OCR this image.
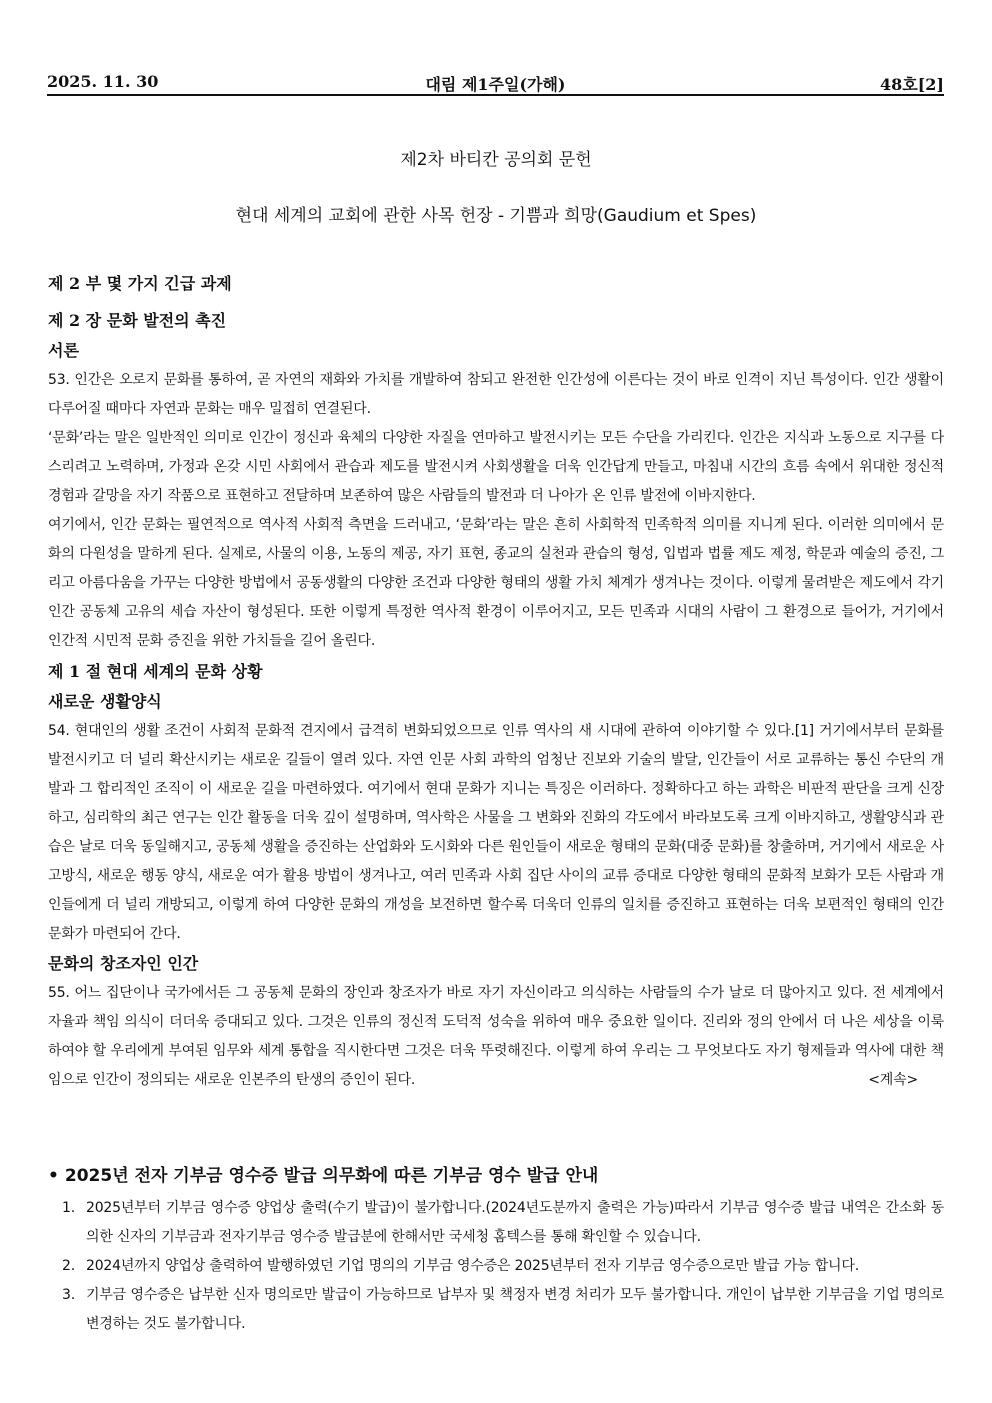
2025. 11. 30	대림 제1주일(가해)	48호[2]
제2차 바티칸 공의회 문헌
현대 세계의 교회에 관한 사목 헌장 - 기쁨과 희망(Gaudium et Spes)
제 2 부 몇 가지 긴급 과제
제 2 장 문화 발전의 촉진
서론

53. 인간은 오로지 문화를 통하여, 곧 자연의 재화와 가치를 개발하여 참되고 완전한 인간성에 이른다는 것이 바로 인격이 지닌 특성이다. 인간 생활이 다루어질 때마다 자연과 문화는 매우 밀접히 연결된다.

‘문화’라는 말은 일반적인 의미로 인간이 정신과 육체의 다양한 자질을 연마하고 발전시키는 모든 수단을 가리킨다. 인간은 지식과 노동으로 지구를 다스리려고 노력하며, 가정과 온갖 시민 사회에서 관습과 제도를 발전시켜 사회생활을 더욱 인간답게 만들고, 마침내 시간의 흐름 속에서 위대한 정신적 경험과 갈망을 자기 작품으로 표현하고 전달하며 보존하여 많은 사람들의 발전과 더 나아가 온 인류 발전에 이바지한다.

여기에서, 인간 문화는 필연적으로 역사적 사회적 측면을 드러내고, ‘문화’라는 말은 흔히 사회학적 민족학적 의미를 지니게 된다. 이러한 의미에서 문화의 다원성을 말하게 된다. 실제로, 사물의 이용, 노동의 제공, 자기 표현, 종교의 실천과 관습의 형성, 입법과 법률 제도 제정, 학문과 예술의 증진, 그리고 아름다움을 가꾸는 다양한 방법에서 공동생활의 다양한 조건과 다양한 형태의 생활 가치 체계가 생겨나는 것이다. 이렇게 물려받은 제도에서 각기 인간 공동체 고유의 세습 자산이 형성된다. 또한 이렇게 특정한 역사적 환경이 이루어지고, 모든 민족과 시대의 사람이 그 환경으로 들어가, 거기에서 인간적 시민적 문화 증진을 위한 가치들을 길어 올린다.

제 1 절 현대 세계의 문화 상황
새로운 생활양식

54. 현대인의 생활 조건이 사회적 문화적 견지에서 급격히 변화되었으므로 인류 역사의 새 시대에 관하여 이야기할 수 있다.[1] 거기에서부터 문화를 발전시키고 더 널리 확산시키는 새로운 길들이 열려 있다. 자연 인문 사회 과학의 엄청난 진보와 기술의 발달, 인간들이 서로 교류하는 통신 수단의 개발과 그 합리적인 조직이 이 새로운 길을 마련하였다. 여기에서 현대 문화가 지니는 특징은 이러하다. 정확하다고 하는 과학은 비판적 판단을 크게 신장하고, 심리학의 최근 연구는 인간 활동을 더욱 깊이 설명하며, 역사학은 사물을 그 변화와 진화의 각도에서 바라보도록 크게 이바지하고, 생활양식과 관습은 날로 더욱 동일해지고, 공동체 생활을 증진하는 산업화와 도시화와 다른 원인들이 새로운 형태의 문화(대중 문화)를 창출하며, 거기에서 새로운 사고방식, 새로운 행동 양식, 새로운 여가 활용 방법이 생겨나고, 여러 민족과 사회 집단 사이의 교류 증대로 다양한 형태의 문화적 보화가 모든 사람과 개인들에게 더 널리 개방되고, 이렇게 하여 다양한 문화의 개성을 보전하면 할수록 더욱더 인류의 일치를 증진하고 표현하는 더욱 보편적인 형태의 인간 문화가 마련되어 간다.

문화의 창조자인 인간

55. 어느 집단이나 국가에서든 그 공동체 문화의 장인과 창조자가 바로 자기 자신이라고 의식하는 사람들의 수가 날로 더 많아지고 있다. 전 세계에서 자율과 책임 의식이 더더욱 증대되고 있다. 그것은 인류의 정신적 도덕적 성숙을 위하여 매우 중요한 일이다. 진리와 정의 안에서 더 나은 세상을 이룩하여야 할 우리에게 부여된 임무와 세계 통합을 직시한다면 그것은 더욱 뚜렷해진다. 이렇게 하여 우리는 그 무엇보다도 자기 형제들과 역사에 대한 책임으로 인간이 정의되는 새로운 인본주의 탄생의 증인이 된다.	<계속>

• 2025년 전자 기부금 영수증 발급 의무화에 따른 기부금 영수 발급 안내
1. 2025년부터 기부금 영수증 양업상 출력(수기 발급)이 불가합니다.(2024년도분까지 출력은 가능)따라서 기부금 영수증 발급 내역은 간소화 동의한 신자의 기부금과 전자기부금 영수증 발급분에 한해서만 국세청 홈텍스를 통해 확인할 수 있습니다.
2. 2024년까지 양업상 출력하여 발행하였던 기업 명의의 기부금 영수증은 2025년부터 전자 기부금 영수증으로만 발급 가능 합니다.
3. 기부금 영수증은 납부한 신자 명의로만 발급이 가능하므로 납부자 및 책정자 변경 처리가 모두 불가합니다. 개인이 납부한 기부금을 기업 명의로 변경하는 것도 불가합니다.
